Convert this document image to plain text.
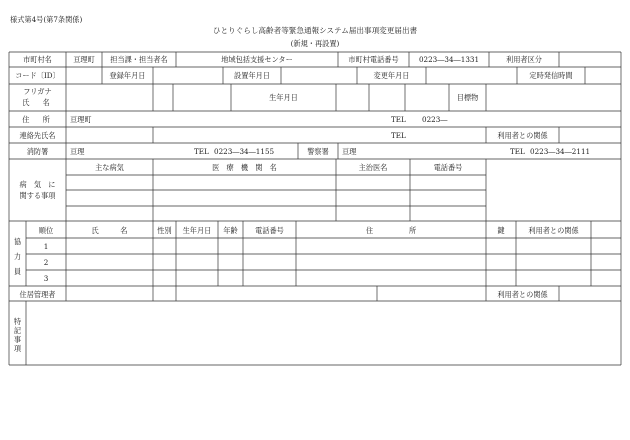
様式第4号(第7条関係)
ひとりぐらし高齢者等緊急通報システム届出事項変更届出書
(新規・再設置)
市町村名	亘理町	担当課・担当者名	地域包括支援センター	市町村電話番号	0223―34―1331	利用者区分
コード〔ID〕	登録年月日	設置年月日	変更年月日	定時発信時間
フリガナ
氏　名
生年月日	目標物
住　所	亘理町	TEL 0223―
連絡先氏名	TEL	利用者との関係
消防署	亘理	TEL 0223―34―1155	警察署	亘理	TEL 0223―34―2111
病　気　に
関する事項
主な病気	医　療　機　関　名	主治医名	電話番号
協
力
員
順位	氏　　　名	性別	生年月日	年齢	電話番号	住　　　　　所	鍵	利用者との関係
1
2
3
住居管理者	利用者との関係
特
記
事
項
